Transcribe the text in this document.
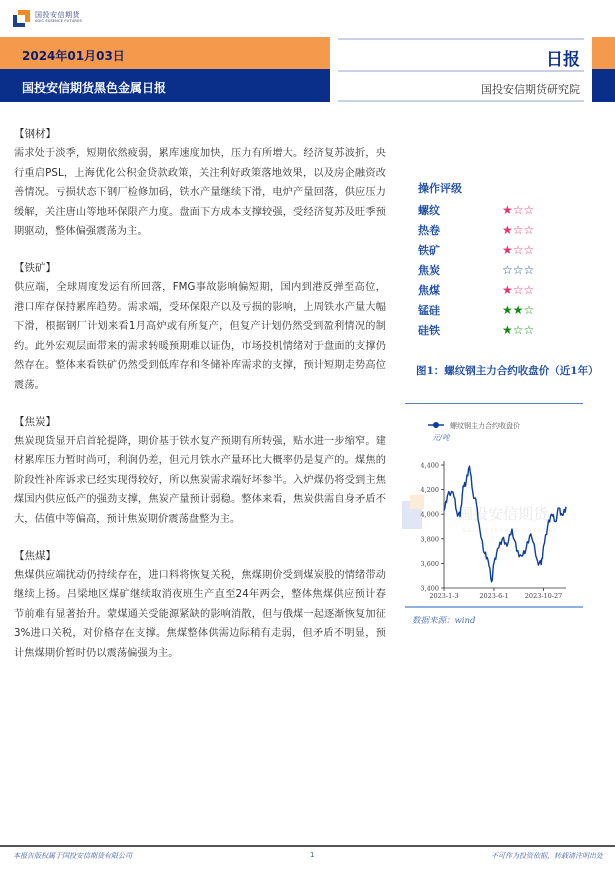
国投安信期货
SDIC ESSENCE FUTURES
2024年01月03日
国投安信期货黑色金属日报
日报
国投安信期货研究院
【钢材】
需求处于淡季，短期依然疲弱，累库速度加快，压力有所增大。经济复苏波折，央行重启PSL，上海优化公积金贷款政策，关注利好政策落地效果，以及房企融资改善情况。亏损状态下钢厂检修加码，铁水产量继续下滑，电炉产量回落，供应压力缓解，关注唐山等地环保限产力度。盘面下方成本支撑较强，受经济复苏及旺季预期驱动，整体偏强震荡为主。
【铁矿】
供应端，全球周度发运有所回落，FMG事故影响偏短期，国内到港反弹至高位，港口库存保持累库趋势。需求端，受环保限产以及亏损的影响，上周铁水产量大幅下滑，根据钢厂计划来看1月高炉或有所复产，但复产计划仍然受到盈利情况的制约。此外宏观层面带来的需求转暖预期难以证伪，市场投机情绪对于盘面的支撑仍然存在。整体来看铁矿仍然受到低库存和冬储补库需求的支撑，预计短期走势高位震荡。
【焦炭】
焦炭现货显开启首轮提降，期价基于铁水复产预期有所转强，贴水进一步缩窄。建材累库压力暂时尚可，利润仍差，但元月铁水产量环比大概率仍是复产的。煤焦的阶段性补库诉求已经实现得较好，所以焦炭需求端好坏参半。入炉煤仍将受到主焦煤国内供应低产的强劲支撑，焦炭产量预计弱稳。整体来看，焦炭供需自身矛盾不大，估值中等偏高，预计焦炭期价震荡盘整为主。
【焦煤】
焦煤供应端扰动仍持续存在，进口料将恢复关税，焦煤期价受到煤炭股的情绪带动继续上扬。吕梁地区煤矿继续取消夜班生产直至24年两会，整体焦煤供应预计春节前难有显著抬升。蒙煤通关受能源紧缺的影响消散，但与俄煤一起逐渐恢复加征3%进口关税，对价格存在支撑。焦煤整体供需边际稍有走弱，但矛盾不明显，预计焦煤期价暂时仍以震荡偏强为主。
操作评级
螺纹	★☆☆
热卷	★☆☆
铁矿	★☆☆
焦炭	☆☆☆
焦煤	★☆☆
锰硅	★★☆
硅铁	★☆☆
图1：螺纹钢主力合约收盘价（近1年）
国投安信期货
SDIC ESSENCE FUTURES
螺纹钢主力合约收盘价
元/吨
3,400
3,600
3,800
4,000
4,200
4,400
2023-1-3	2023-6-1	2023-10-27
数据来源：wind
本报告版权属于国投安信期货有限公司	1	不可作为投资依据，转载请注明出处
